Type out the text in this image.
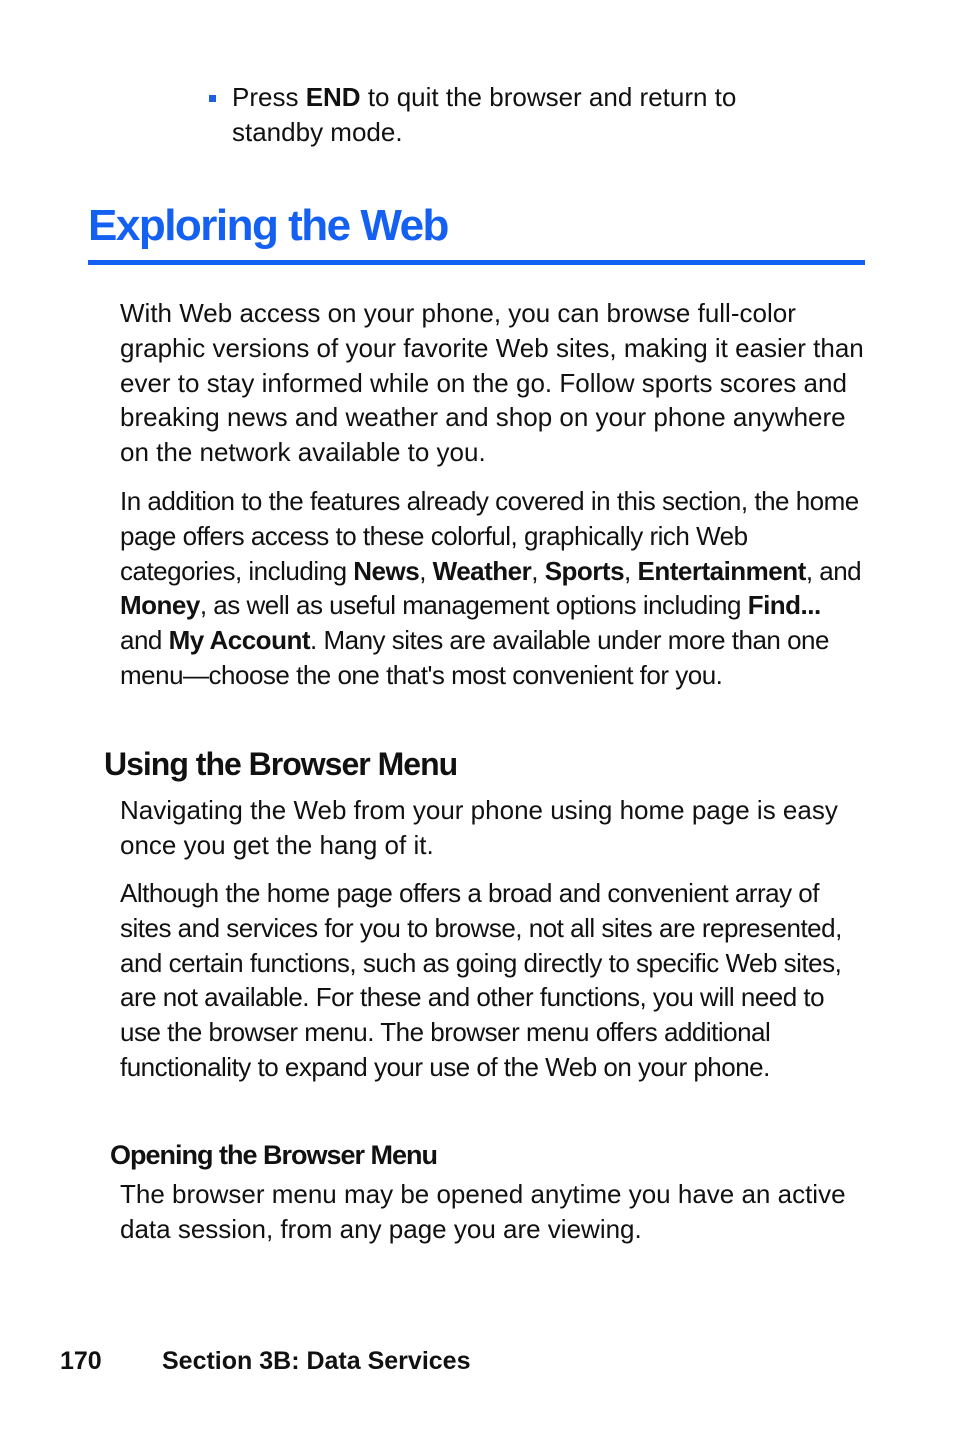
Press END to quit the browser and return to standby mode.
Exploring the Web

With Web access on your phone, you can browse full-color graphic versions of your favorite Web sites, making it easier than ever to stay informed while on the go. Follow sports scores and breaking news and weather and shop on your phone anywhere on the network available to you.

In addition to the features already covered in this section, the home page offers access to these colorful, graphically rich Web categories, including News, Weather, Sports, Entertainment, and Money, as well as useful management options including Find... and My Account. Many sites are available under more than one menu—choose the one that's most convenient for you.

Using the Browser Menu

Navigating the Web from your phone using home page is easy once you get the hang of it.

Although the home page offers a broad and convenient array of sites and services for you to browse, not all sites are represented, and certain functions, such as going directly to specific Web sites, are not available. For these and other functions, you will need to use the browser menu. The browser menu offers additional functionality to expand your use of the Web on your phone.

Opening the Browser Menu

The browser menu may be opened anytime you have an active data session, from any page you are viewing.

170 Section 3B: Data Services
